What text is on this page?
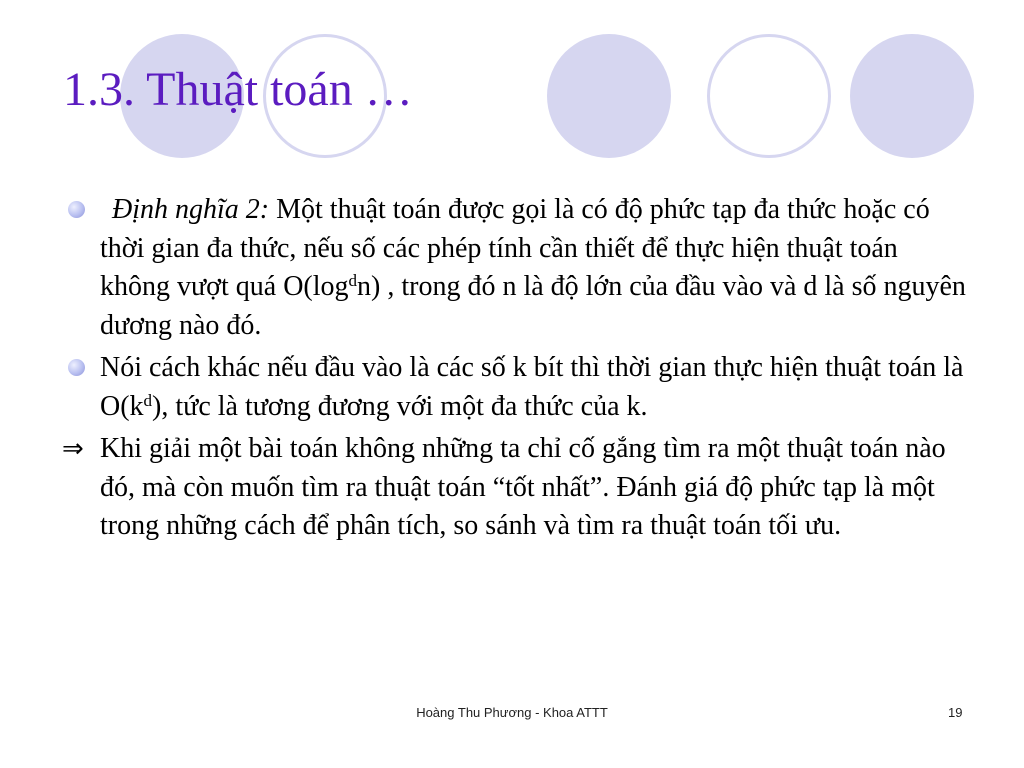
1.3. Thuật toán …

Định nghĩa 2: Một thuật toán được gọi là có độ phức tạp đa thức hoặc có thời gian đa thức, nếu số các phép tính cần thiết để thực hiện thuật toán không vượt quá $O(\log^dn)$ , trong đó n là độ lớn của đầu vào và d là số nguyên dương nào đó.

Nói cách khác nếu đầu vào là các số k bít thì thời gian thực hiện thuật toán là $O(k^d)$, tức là tương đương với một đa thức của k.

⇒ Khi giải một bài toán không những ta chỉ cố gắng tìm ra một thuật toán nào đó, mà còn muốn tìm ra thuật toán “tốt nhất”. Đánh giá độ phức tạp là một trong những cách để phân tích, so sánh và tìm ra thuật toán tối ưu.

Hoàng Thu Phương - Khoa ATTT	19
